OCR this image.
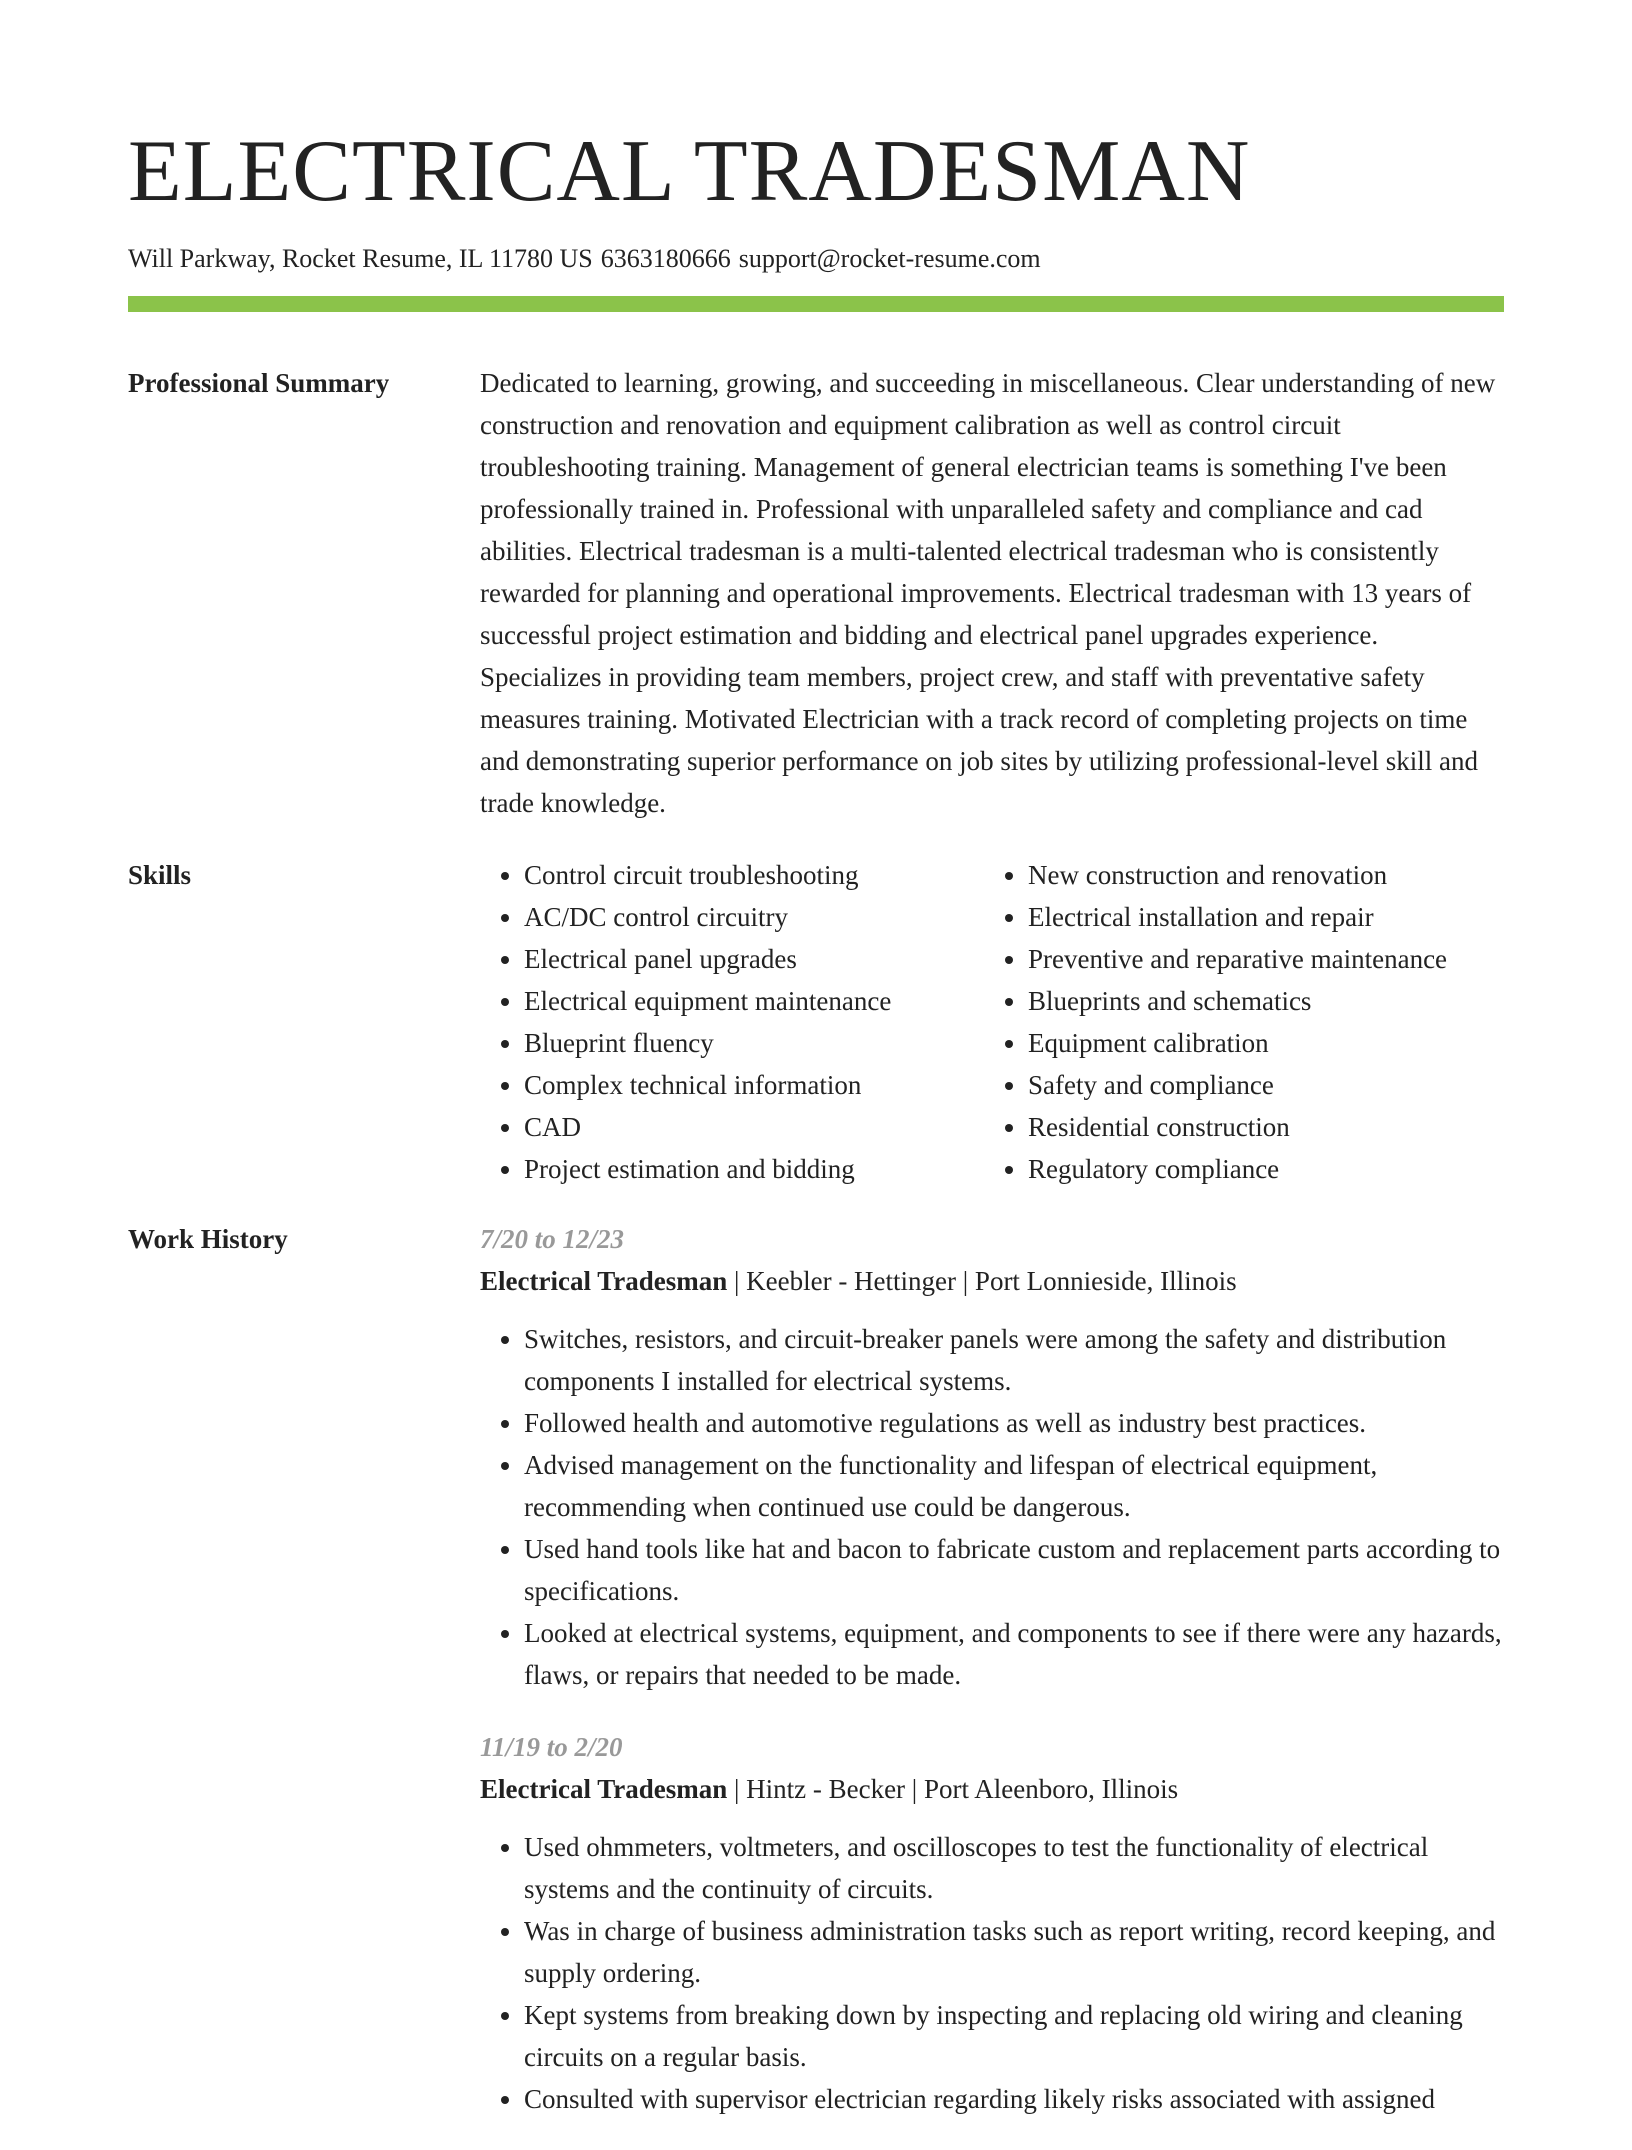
ELECTRICAL TRADESMAN
Will Parkway, Rocket Resume, IL 11780 US 6363180666 support@rocket-resume.com
Professional Summary	Dedicated to learning, growing, and succeeding in miscellaneous. Clear understanding of new construction and renovation and equipment calibration as well as control circuit troubleshooting training. Management of general electrician teams is something I've been professionally trained in. Professional with unparalleled safety and compliance and cad abilities. Electrical tradesman is a multi-talented electrical tradesman who is consistently rewarded for planning and operational improvements. Electrical tradesman with 13 years of successful project estimation and bidding and electrical panel upgrades experience. Specializes in providing team members, project crew, and staff with preventative safety measures training. Motivated Electrician with a track record of completing projects on time and demonstrating superior performance on job sites by utilizing professional-level skill and trade knowledge.

Skills
•	Control circuit troubleshooting
• AC/DC control circuitry
• Electrical panel upgrades
• Electrical equipment maintenance
• Blueprint fluency
• Complex technical information
• CAD
• Project estimation and bidding
• New construction and renovation
• Electrical installation and repair
• Preventive and reparative maintenance
• Blueprints and schematics
• Equipment calibration
• Safety and compliance
• Residential construction
• Regulatory compliance
Work History	7/20 to 12/23
Electrical Tradesman | Keebler - Hettinger | Port Lonnieside, Illinois
• Switches, resistors, and circuit-breaker panels were among the safety and distribution components I installed for electrical systems.
• Followed health and automotive regulations as well as industry best practices.
• Advised management on the functionality and lifespan of electrical equipment, recommending when continued use could be dangerous.
• Used hand tools like hat and bacon to fabricate custom and replacement parts according to specifications.
• Looked at electrical systems, equipment, and components to see if there were any hazards, flaws, or repairs that needed to be made.
11/19 to 2/20
Electrical Tradesman | Hintz - Becker | Port Aleenboro, Illinois
• Used ohmmeters, voltmeters, and oscilloscopes to test the functionality of electrical systems and the continuity of circuits.
• Was in charge of business administration tasks such as report writing, record keeping, and supply ordering.
• Kept systems from breaking down by inspecting and replacing old wiring and cleaning circuits on a regular basis.
• Consulted with supervisor electrician regarding likely risks associated with assigned
